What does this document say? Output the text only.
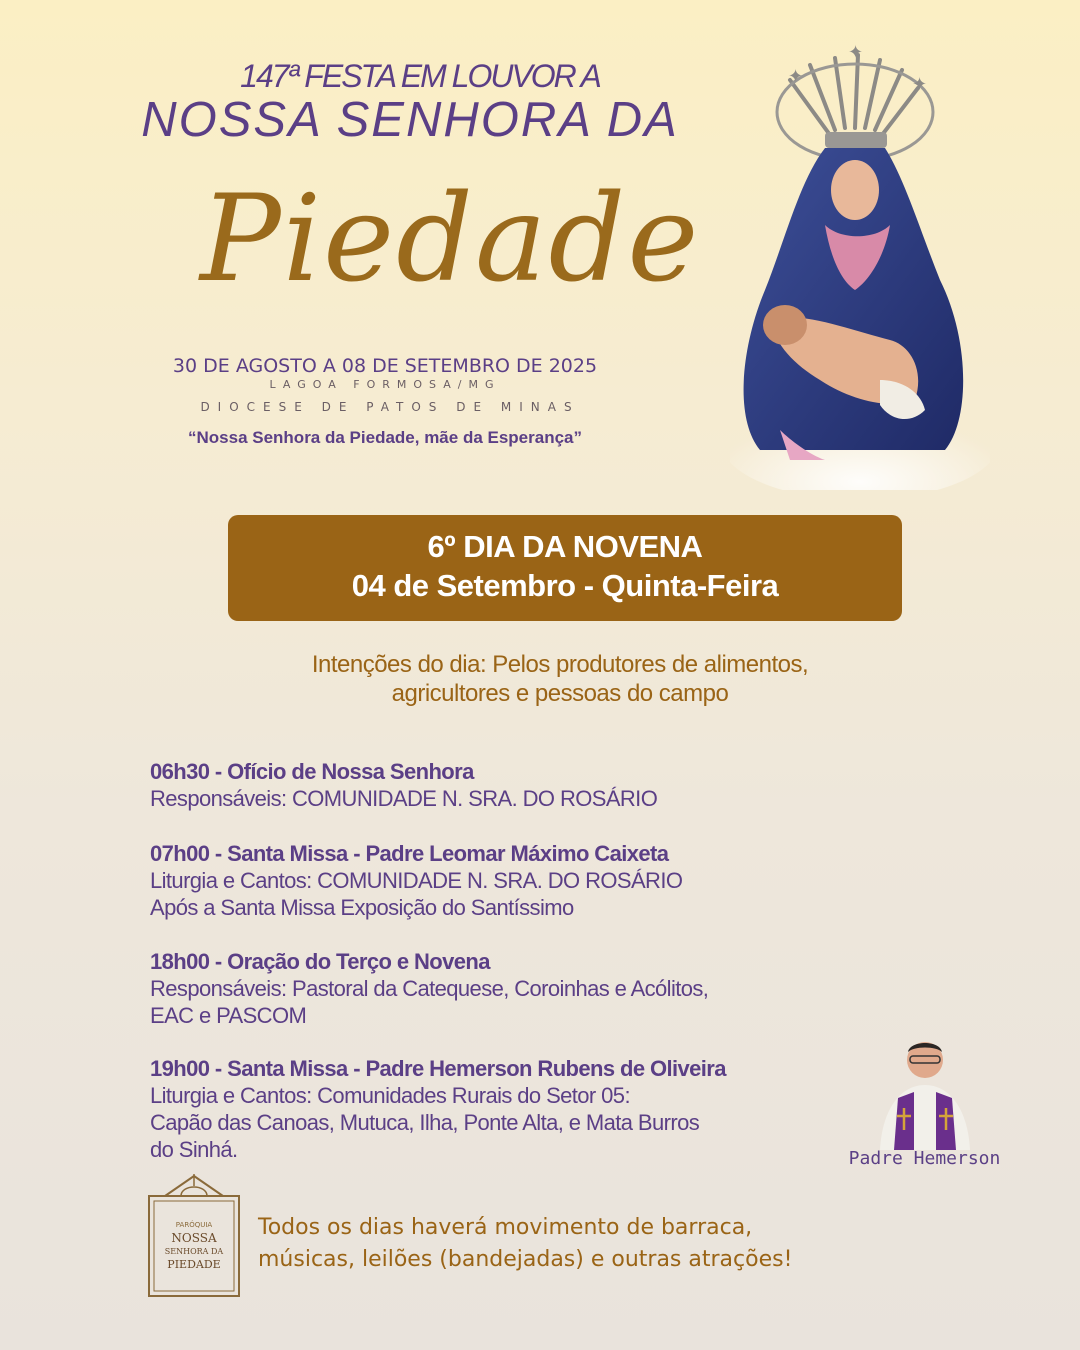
147ª FESTA EM LOUVOR A
NOSSA SENHORA DA
Piedade
30 DE AGOSTO A 08 DE SETEMBRO DE 2025
LAGOA FORMOSA/MG
DIOCESE DE PATOS DE MINAS
“Nossa Senhora da Piedade, mãe da Esperança”
✦
✦
✦
6º DIA DA NOVENA
04 de Setembro - Quinta-Feira
Intenções do dia: Pelos produtores de alimentos,
agricultores e pessoas do campo
06h30 - Ofício de Nossa Senhora
Responsáveis: COMUNIDADE N. SRA. DO ROSÁRIO
07h00 - Santa Missa - Padre Leomar Máximo Caixeta
Liturgia e Cantos: COMUNIDADE N. SRA. DO ROSÁRIO
Após a Santa Missa Exposição do Santíssimo
18h00 - Oração do Terço e Novena
Responsáveis: Pastoral da Catequese, Coroinhas e Acólitos,
EAC e PASCOM
19h00 - Santa Missa - Padre Hemerson Rubens de Oliveira
Liturgia e Cantos: Comunidades Rurais do Setor 05:
Capão das Canoas, Mutuca, Ilha, Ponte Alta, e Mata Burros
do Sinhá.	Padre Hemerson
PARÓQUIA
NOSSA
SENHORA DA
PIEDADE
Todos os dias haverá movimento de barraca,
músicas, leilões (bandejadas) e outras atrações!
